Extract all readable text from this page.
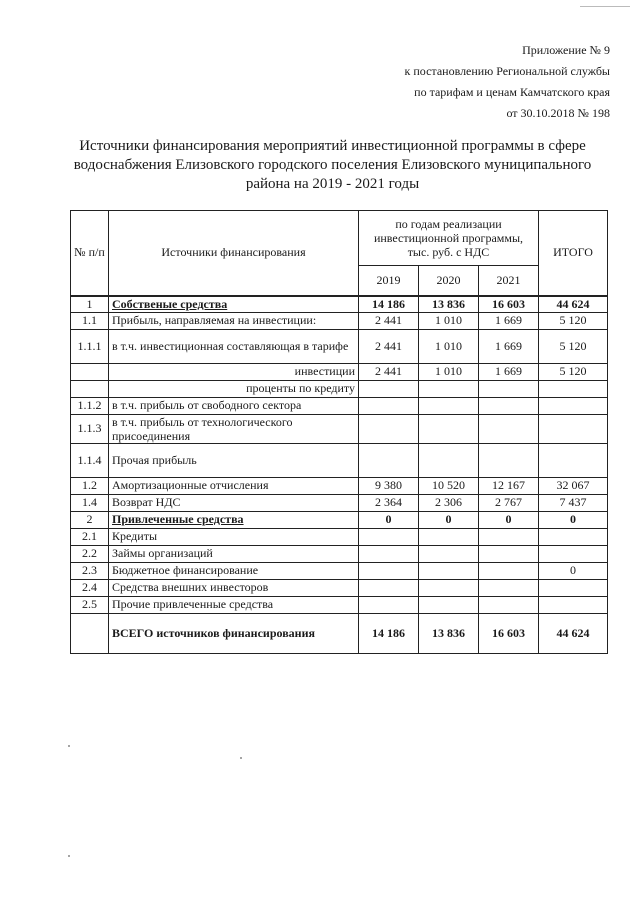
Приложение № 9
к постановлению Региональной службы
по тарифам и ценам Камчатского края
от 30.10.2018 № 198
Источники финансирования мероприятий инвестиционной программы в сфере
водоснабжения Елизовского городского поселения Елизовского муниципального
района на 2019 - 2021 годы
№ п/п	Источники финансирования	по годам реализации инвестиционной программы, тыс. руб. с НДС			ИТОГО
		2019	2020	2021	
1	Собственые средства	14 186	13 836	16 603	44 624
1.1	Прибыль, направляемая на инвестиции:	2 441	1 010	1 669	5 120
1.1.1	в т.ч. инвестиционная составляющая в тарифе	2 441	1 010	1 669	5 120
	инвестиции	2 441	1 010	1 669	5 120
	проценты по кредиту				
1.1.2	в т.ч. прибыль от свободного сектора				
1.1.3	в т.ч. прибыль от технологического присоединения				
1.1.4	Прочая прибыль				
1.2	Амортизационные отчисления	9 380	10 520	12 167	32 067
1.4	Возврат НДС	2 364	2 306	2 767	7 437
2	Привлеченные средства	0	0	0	0
2.1	Кредиты				
2.2	Займы организаций				
2.3	Бюджетное финансирование				0
2.4	Средства внешних инвесторов				
2.5	Прочие привлеченные средства				
	ВСЕГО источников финансирования	14 186	13 836	16 603	44 624
